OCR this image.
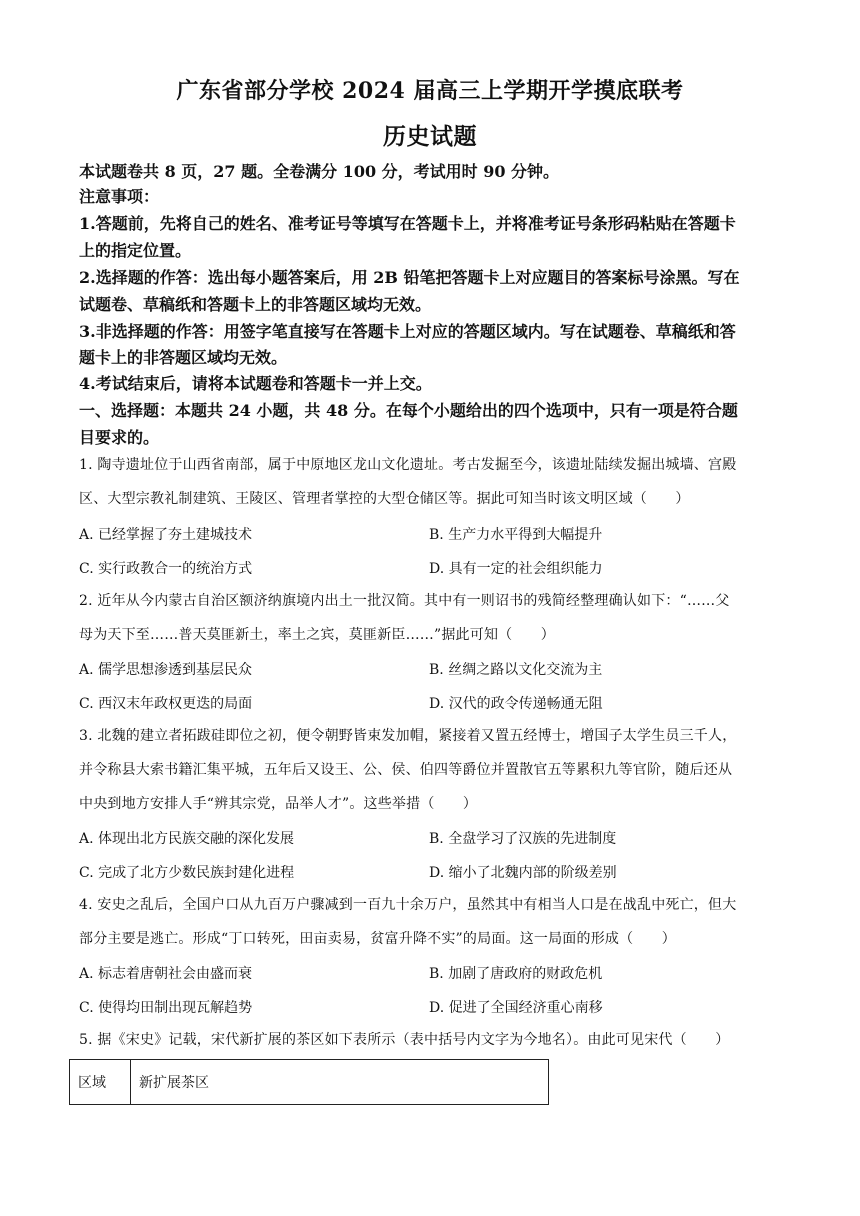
广东省部分学校 2024 届高三上学期开学摸底联考
历史试题
本试题卷共 8 页，27 题。全卷满分 100 分，考试用时 90 分钟。
注意事项：
1.答题前，先将自己的姓名、准考证号等填写在答题卡上，并将准考证号条形码粘贴在答题卡
上的指定位置。
2.选择题的作答：选出每小题答案后，用 2B 铅笔把答题卡上对应题目的答案标号涂黑。写在
试题卷、草稿纸和答题卡上的非答题区域均无效。
3.非选择题的作答：用签字笔直接写在答题卡上对应的答题区域内。写在试题卷、草稿纸和答
题卡上的非答题区域均无效。
4.考试结束后，请将本试题卷和答题卡一并上交。
一、选择题：本题共 24 小题，共 48 分。在每个小题给出的四个选项中，只有一项是符合题
目要求的。
1. 陶寺遗址位于山西省南部，属于中原地区龙山文化遗址。考古发掘至今，该遗址陆续发掘出城墙、宫殿
区、大型宗教礼制建筑、王陵区、管理者掌控的大型仓储区等。据此可知当时该文明区域（　　）
A. 已经掌握了夯土建城技术	B. 生产力水平得到大幅提升
C. 实行政教合一的统治方式	D. 具有一定的社会组织能力
2. 近年从今内蒙古自治区额济纳旗境内出土一批汉简。其中有一则诏书的残简经整理确认如下：“……父
母为天下至……普天莫匪新土，率土之宾，莫匪新臣……”据此可知（　　）
A. 儒学思想渗透到基层民众	B. 丝绸之路以文化交流为主
C. 西汉末年政权更迭的局面	D. 汉代的政令传递畅通无阻
3. 北魏的建立者拓跋硅即位之初，便令朝野皆束发加帽，紧接着又置五经博士，增国子太学生员三千人，
并令称县大索书籍汇集平城，五年后又设王、公、侯、伯四等爵位并置散官五等累积九等官阶，随后还从
中央到地方安排人手“辨其宗党，品举人才”。这些举措（　　）
A. 体现出北方民族交融的深化发展	B. 全盘学习了汉族的先进制度
C. 完成了北方少数民族封建化进程	D. 缩小了北魏内部的阶级差别
4. 安史之乱后，全国户口从九百万户骤减到一百九十余万户，虽然其中有相当人口是在战乱中死亡，但大
部分主要是逃亡。形成“丁口转死，田亩卖易，贫富升降不实”的局面。这一局面的形成（　　）
A. 标志着唐朝社会由盛而衰	B. 加剧了唐政府的财政危机
C. 使得均田制出现瓦解趋势	D. 促进了全国经济重心南移
5. 据《宋史》记载，宋代新扩展的茶区如下表所示（表中括号内文字为今地名）。由此可见宋代（　　）
区域	新扩展茶区
